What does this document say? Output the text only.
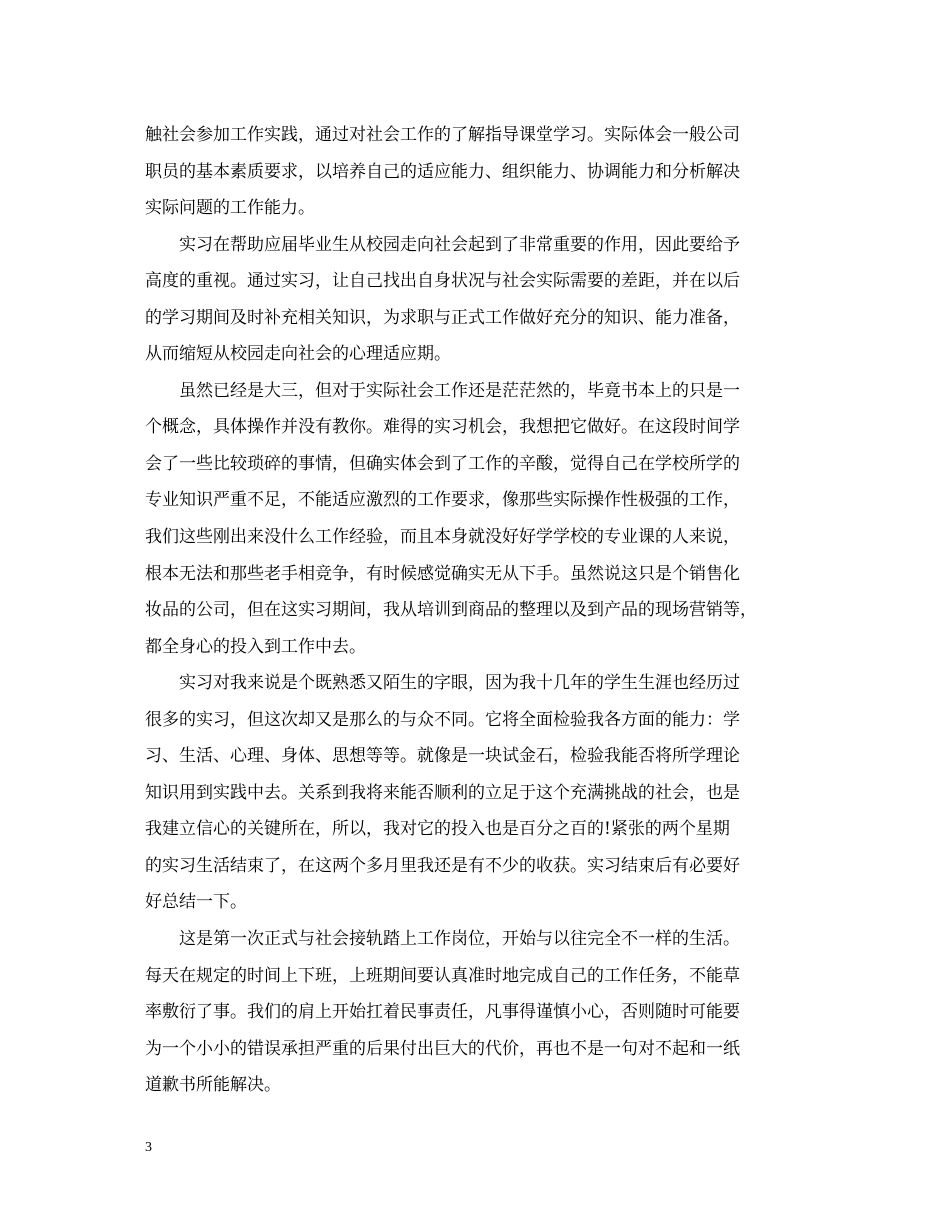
触社会参加工作实践，通过对社会工作的了解指导课堂学习。实际体会一般公司
职员的基本素质要求，以培养自己的适应能力、组织能力、协调能力和分析解决
实际问题的工作能力。
　　实习在帮助应届毕业生从校园走向社会起到了非常重要的作用，因此要给予
高度的重视。通过实习，让自己找出自身状况与社会实际需要的差距，并在以后
的学习期间及时补充相关知识，为求职与正式工作做好充分的知识、能力准备，
从而缩短从校园走向社会的心理适应期。
　　虽然已经是大三，但对于实际社会工作还是茫茫然的，毕竟书本上的只是一
个概念，具体操作并没有教你。难得的实习机会，我想把它做好。在这段时间学
会了一些比较琐碎的事情，但确实体会到了工作的辛酸，觉得自己在学校所学的
专业知识严重不足，不能适应激烈的工作要求，像那些实际操作性极强的工作，
我们这些刚出来没什么工作经验，而且本身就没好好学学校的专业课的人来说，
根本无法和那些老手相竞争，有时候感觉确实无从下手。虽然说这只是个销售化
妆品的公司，但在这实习期间，我从培训到商品的整理以及到产品的现场营销等，
都全身心的投入到工作中去。
　　实习对我来说是个既熟悉又陌生的字眼，因为我十几年的学生生涯也经历过
很多的实习，但这次却又是那么的与众不同。它将全面检验我各方面的能力：学
习、生活、心理、身体、思想等等。就像是一块试金石，检验我能否将所学理论
知识用到实践中去。关系到我将来能否顺利的立足于这个充满挑战的社会，也是
我建立信心的关键所在，所以，我对它的投入也是百分之百的!紧张的两个星期
的实习生活结束了，在这两个多月里我还是有不少的收获。实习结束后有必要好
好总结一下。
　　这是第一次正式与社会接轨踏上工作岗位，开始与以往完全不一样的生活。
每天在规定的时间上下班，上班期间要认真准时地完成自己的工作任务，不能草
率敷衍了事。我们的肩上开始扛着民事责任，凡事得谨慎小心，否则随时可能要
为一个小小的错误承担严重的后果付出巨大的代价，再也不是一句对不起和一纸
道歉书所能解决。
3
